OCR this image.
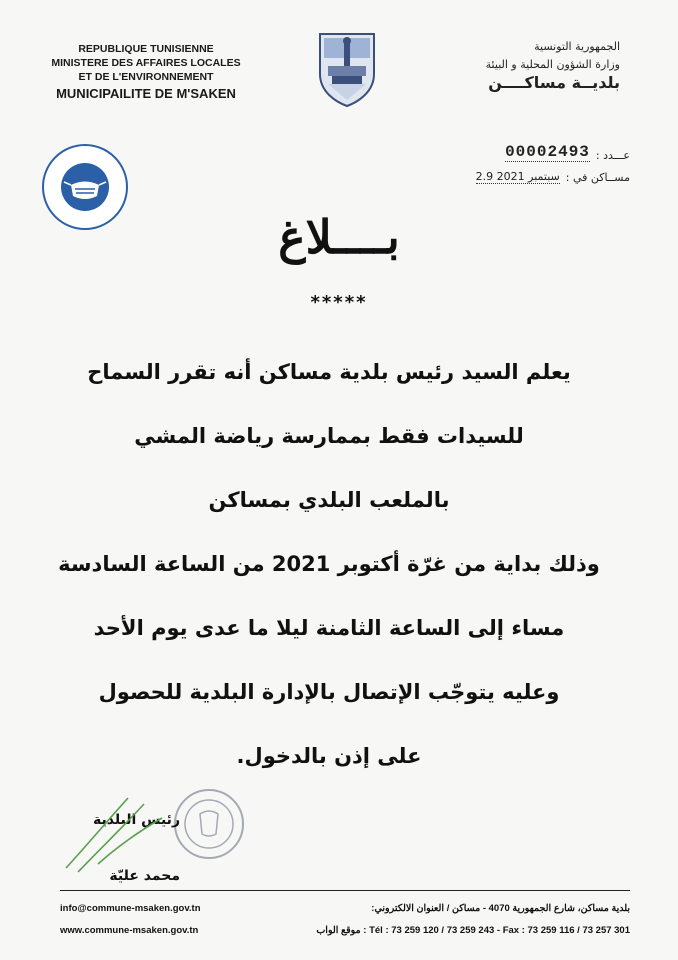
REPUBLIQUE TUNISIENNE
MINISTERE DES AFFAIRES LOCALES
ET DE L'ENVIRONNEMENT
MUNICIPAILITE DE M'SAKEN
الجمهورية التونسية
وزارة الشؤون المحلية و البيئة
بلديــة مساكــــن
عـــدد :
00002493
مســاكن في :
2.9 سبتمبر 2021
بــــلاغ
*****

يعلم السيد رئيس بلدية مساكن أنه تقرر السماح

للسيدات فقط بممارسة رياضة المشي

بالملعب البلدي بمساكن

وذلك بداية من غرّة أكتوبر 2021 من الساعة السادسة

مساء إلى الساعة الثامنة ليلا ما عدى يوم الأحد

وعليه يتوجّب الإتصال بالإدارة البلدية للحصول

على إذن بالدخول.

رئيس البلدية
محمد عليّة
info@commune-msaken.gov.tn	بلدية مساكن، شارع الجمهورية 4070 - مساكن / العنوان الالكتروني:
www.commune-msaken.gov.tn	موقع الواب : Tél : 73 259 120 / 73 259 243 - Fax : 73 259 116 / 73 257 301
